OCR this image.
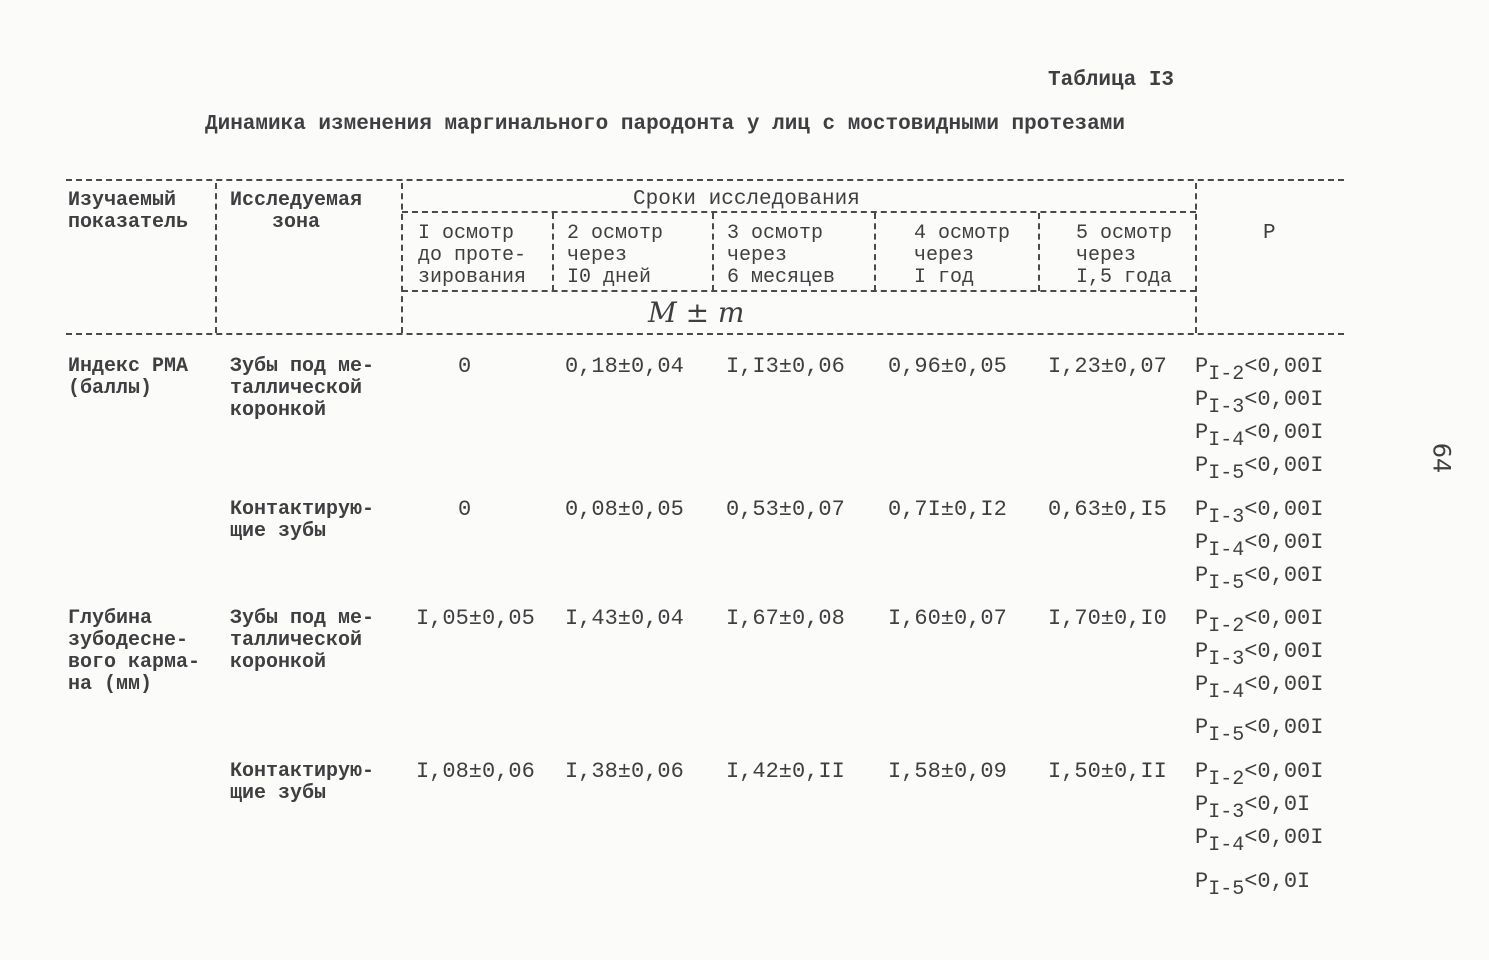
Таблица I3
Динамика изменения маргинального пародонта у лиц с мостовидными протезами
Изучаемый
показатель
Исследуемая
зона
Сроки исследования
I осмотр
до проте-
зирования
2 осмотр
через
I0 дней
3 осмотр
через
6 месяцев
4 осмотр
через
I год
5 осмотр
через
I,5 года
M ± m
P
Индекс РМА
(баллы)
Зубы под ме-
таллической
коронкой
0	0,18±0,04 I,I3±0,06 0,96±0,05 I,23±0,07 $P_{I-2}<0,00I$
$P_{I-3}<0,00I$
$P_{I-4}<0,00I$
$P_{I-5}<0,00I$
Контактирую-
щие зубы
0	0,08±0,05 0,53±0,07 0,7I±0,I2 0,63±0,I5 $P_{I-3}<0,00I$
$P_{I-4}<0,00I$
$P_{I-5}<0,00I$
Глубина
зубодесне-
вого карма-
на (мм)
Зубы под ме-
таллической
коронкой
I,05±0,05 I,43±0,04 I,67±0,08 I,60±0,07 I,70±0,I0 $P_{I-2}<0,00I$
$P_{I-3}<0,00I$
$P_{I-4}<0,00I$
$P_{I-5}<0,00I$
Контактирую-
щие зубы
I,08±0,06 I,38±0,06 I,42±0,II I,58±0,09 I,50±0,II $P_{I-2}<0,00I$
$P_{I-3}<0,0I$
$P_{I-4}<0,00I$
$P_{I-5}<0,0I$
64
